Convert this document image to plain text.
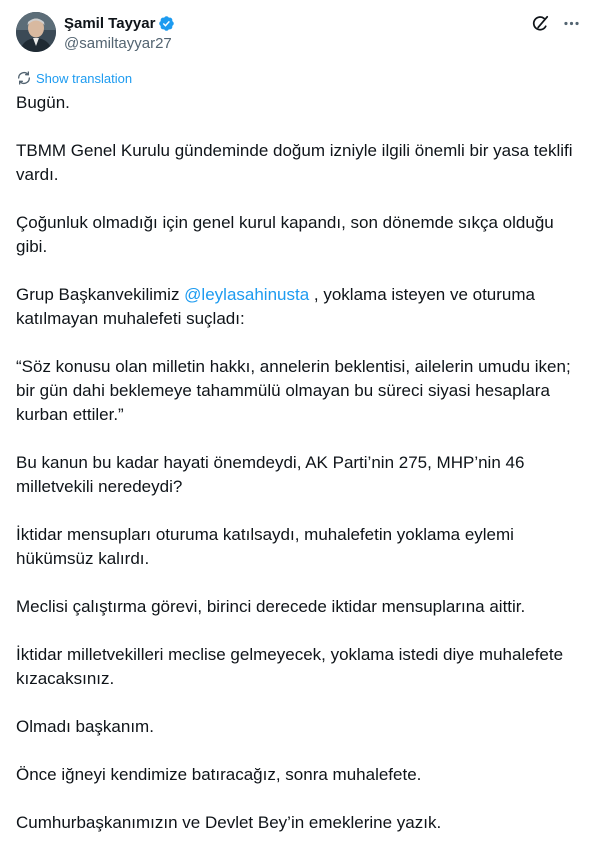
Şamil Tayyar
@samiltayyar27
Show translation

Bugün.

TBMM Genel Kurulu gündeminde doğum izniyle ilgili önemli bir yasa teklifi vardı.

Çoğunluk olmadığı için genel kurul kapandı, son dönemde sıkça olduğu gibi.

Grup Başkanvekilimiz @leylasahinusta , yoklama isteyen ve oturuma katılmayan muhalefeti suçladı:

“Söz konusu olan milletin hakkı, annelerin beklentisi, ailelerin umudu iken; bir gün dahi beklemeye tahammülü olmayan bu süreci siyasi hesaplara kurban ettiler.”

Bu kanun bu kadar hayati önemdeydi, AK Parti’nin 275, MHP’nin 46 milletvekili neredeydi?

İktidar mensupları oturuma katılsaydı, muhalefetin yoklama eylemi hükümsüz kalırdı.

Meclisi çalıştırma görevi, birinci derecede iktidar mensuplarına aittir.

İktidar milletvekilleri meclise gelmeyecek, yoklama istedi diye muhalefete kızacaksınız.

Olmadı başkanım.

Önce iğneyi kendimize batıracağız, sonra muhalefete.

Cumhurbaşkanımızın ve Devlet Bey’in emeklerine yazık.
